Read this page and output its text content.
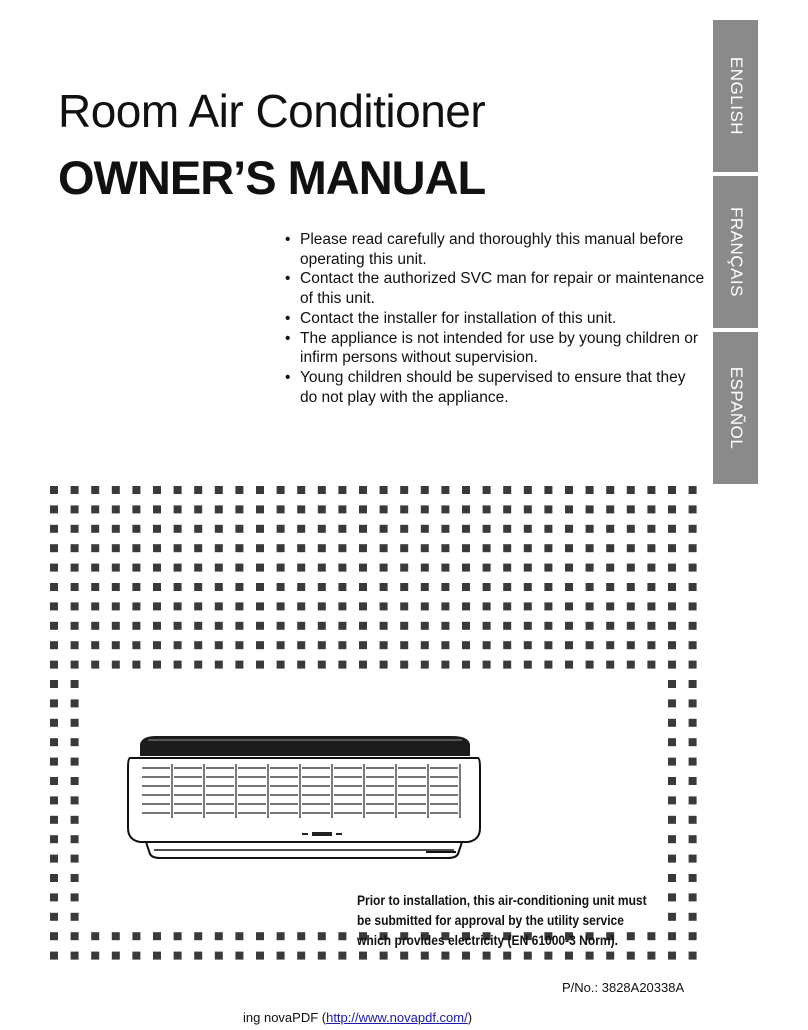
Room Air Conditioner
OWNER’S MANUAL
• Please read carefully and thoroughly this manual before operating this unit.
• Contact the authorized SVC man for repair or maintenance of this unit.
• Contact the installer for installation of this unit.
• The appliance is not intended for use by young children or infirm persons without supervision.
• Young children should be supervised to ensure that they do not play with the appliance.
ENGLISH
FRANÇAIS
ESPAÑOL
Prior to installation, this air-conditioning unit must
be submitted for approval by the utility service
which provides electricity (EN 61000-3 Norm).
P/No.: 3828A20338A
ing novaPDF (http://www.novapdf.com/)
